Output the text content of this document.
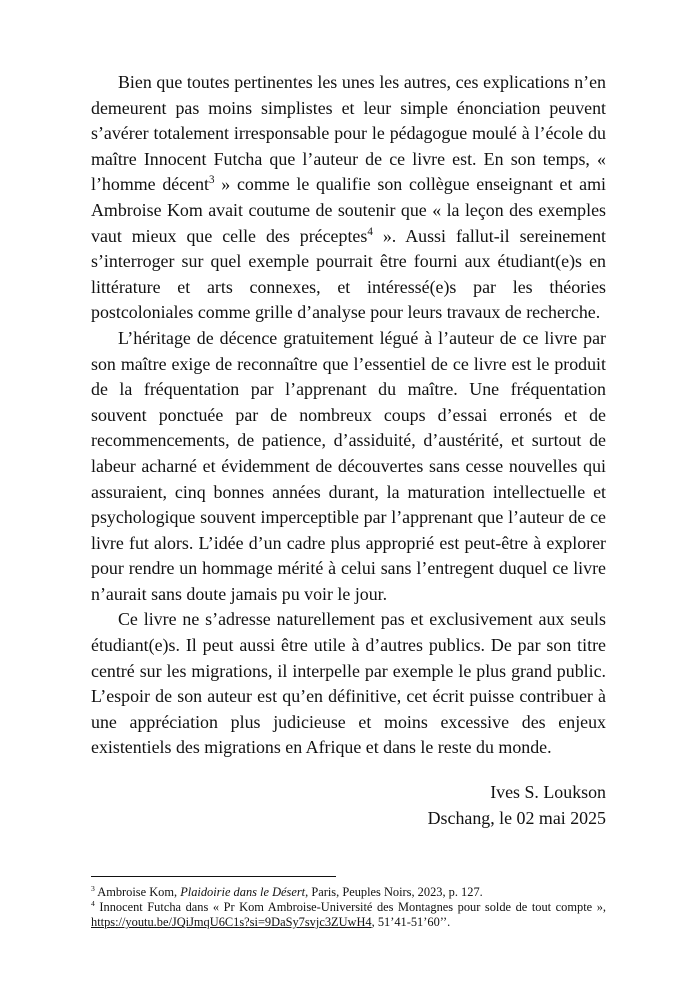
Bien que toutes pertinentes les unes les autres, ces explications n’en demeurent pas moins simplistes et leur simple énonciation peuvent s’avérer totalement irresponsable pour le pédagogue moulé à l’école du maître Innocent Futcha que l’auteur de ce livre est. En son temps, « l’homme décent$^3$ » comme le qualifie son collègue enseignant et ami Ambroise Kom avait coutume de soutenir que « la leçon des exemples vaut mieux que celle des préceptes$^4$ ». Aussi fallut-il sereinement s’interroger sur quel exemple pourrait être fourni aux étudiant(e)s en littérature et arts connexes, et intéressé(e)s par les théories postcoloniales comme grille d’analyse pour leurs travaux de recherche.

L’héritage de décence gratuitement légué à l’auteur de ce livre par son maître exige de reconnaître que l’essentiel de ce livre est le produit de la fréquentation par l’apprenant du maître. Une fréquentation souvent ponctuée par de nombreux coups d’essai erronés et de recommencements, de patience, d’assiduité, d’austérité, et surtout de labeur acharné et évidemment de découvertes sans cesse nouvelles qui assuraient, cinq bonnes années durant, la maturation intellectuelle et psychologique souvent imperceptible par l’apprenant que l’auteur de ce livre fut alors. L’idée d’un cadre plus approprié est peut-être à explorer pour rendre un hommage mérité à celui sans l’entregent duquel ce livre n’aurait sans doute jamais pu voir le jour.

Ce livre ne s’adresse naturellement pas et exclusivement aux seuls étudiant(e)s. Il peut aussi être utile à d’autres publics. De par son titre centré sur les migrations, il interpelle par exemple le plus grand public. L’espoir de son auteur est qu’en définitive, cet écrit puisse contribuer à une appréciation plus judicieuse et moins excessive des enjeux existentiels des migrations en Afrique et dans le reste du monde.

Ives S. Loukson
Dschang, le 02 mai 2025

$^3$ Ambroise Kom, Plaidoirie dans le Désert, Paris, Peuples Noirs, 2023, p. 127.

$^4$ Innocent Futcha dans « Pr Kom Ambroise-Université des Montagnes pour solde de tout compte », https://youtu.be/JQiJmqU6C1s?si=9DaSy7svjc3ZUwH4, 51’41-51’60’’.
